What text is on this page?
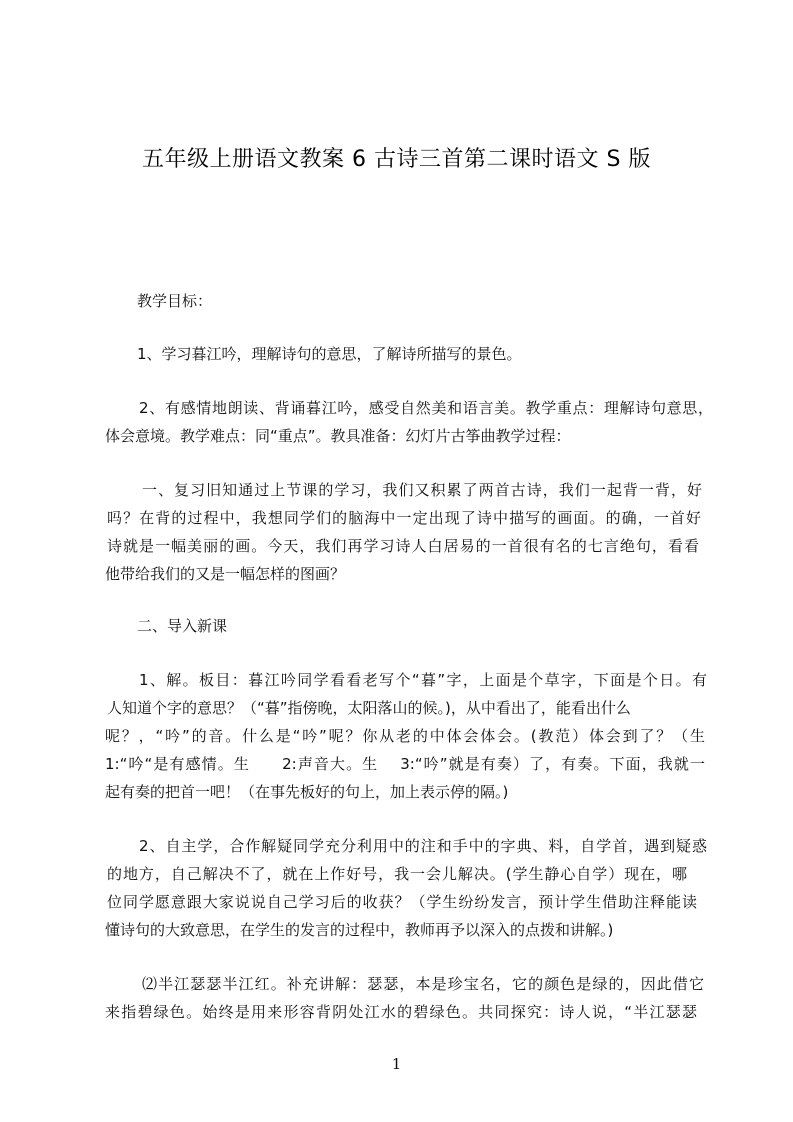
五年级上册语文教案 6 古诗三首第二课时语文 S 版
教学目标：
1、学习暮江吟，理解诗句的意思，了解诗所描写的景色。
2、有感情地朗读、背诵暮江吟，感受自然美和语言美。教学重点：理解诗句意思，
体会意境。教学难点：同“重点”。教具准备：幻灯片古筝曲教学过程：
一、复习旧知通过上节课的学习，我们又积累了两首古诗，我们一起背一背，好
吗？在背的过程中，我想同学们的脑海中一定出现了诗中描写的画面。的确，一首好
诗就是一幅美丽的画。今天，我们再学习诗人白居易的一首很有名的七言绝句，看看
他带给我们的又是一幅怎样的图画？
二、导入新课
1、解。板目：暮江吟同学看看老写个“暮”字，上面是个草字，下面是个日。有
人知道个字的意思？（“暮”指傍晚，太阳落山的候。)，从中看出了，能看出什么
呢？，“吟”的音。什么是“吟”呢？你从老的中体会体会。(教范）体会到了？（生
1:“吟“是有感情。生　　2:声音大。生　 3:“吟”就是有奏）了，有奏。下面，我就一
起有奏的把首一吧！（在事先板好的句上，加上表示停的隔。)
2、自主学，合作解疑同学充分利用中的注和手中的字典、料，自学首，遇到疑惑
的地方，自己解决不了，就在上作好号，我一会儿解决。(学生静心自学）现在，哪
位同学愿意跟大家说说自己学习后的收获？（学生纷纷发言，预计学生借助注释能读
懂诗句的大致意思，在学生的发言的过程中，教师再予以深入的点拨和讲解。)
⑵半江瑟瑟半江红。补充讲解：瑟瑟，本是珍宝名，它的颜色是绿的，因此借它
来指碧绿色。始终是用来形容背阴处江水的碧绿色。共同探究：诗人说，“半江瑟瑟
1
